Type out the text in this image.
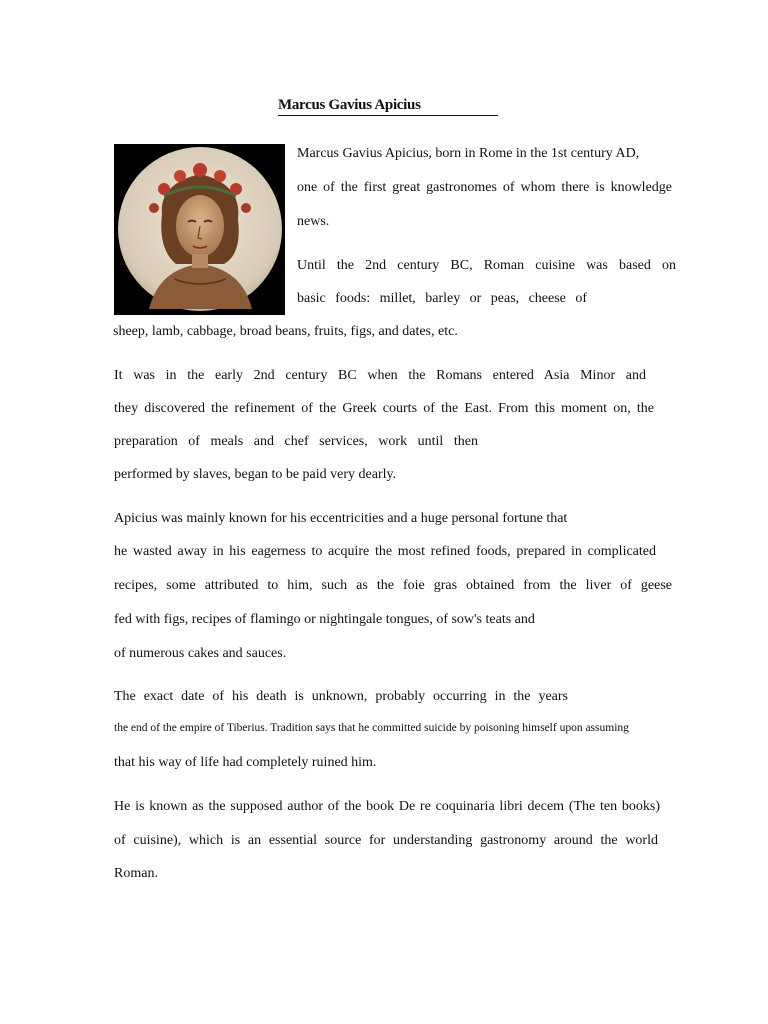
Marcus Gavius Apicius
Marcus Gavius Apicius, born in Rome in the 1st century AD,
one of the first great gastronomes of whom there is knowledge
news.
Until the 2nd century BC, Roman cuisine was based on
basic foods: millet, barley or peas, cheese of
sheep, lamb, cabbage, broad beans, fruits, figs, and dates, etc.
It was in the early 2nd century BC when the Romans entered Asia Minor and
they discovered the refinement of the Greek courts of the East. From this moment on, the
preparation of meals and chef services, work until then
performed by slaves, began to be paid very dearly.
Apicius was mainly known for his eccentricities and a huge personal fortune that
he wasted away in his eagerness to acquire the most refined foods, prepared in complicated
recipes, some attributed to him, such as the foie gras obtained from the liver of geese
fed with figs, recipes of flamingo or nightingale tongues, of sow's teats and
of numerous cakes and sauces.
The exact date of his death is unknown, probably occurring in the years
the end of the empire of Tiberius. Tradition says that he committed suicide by poisoning himself upon assuming
that his way of life had completely ruined him.
He is known as the supposed author of the book De re coquinaria libri decem (The ten books)
of cuisine), which is an essential source for understanding gastronomy around the world
Roman.
